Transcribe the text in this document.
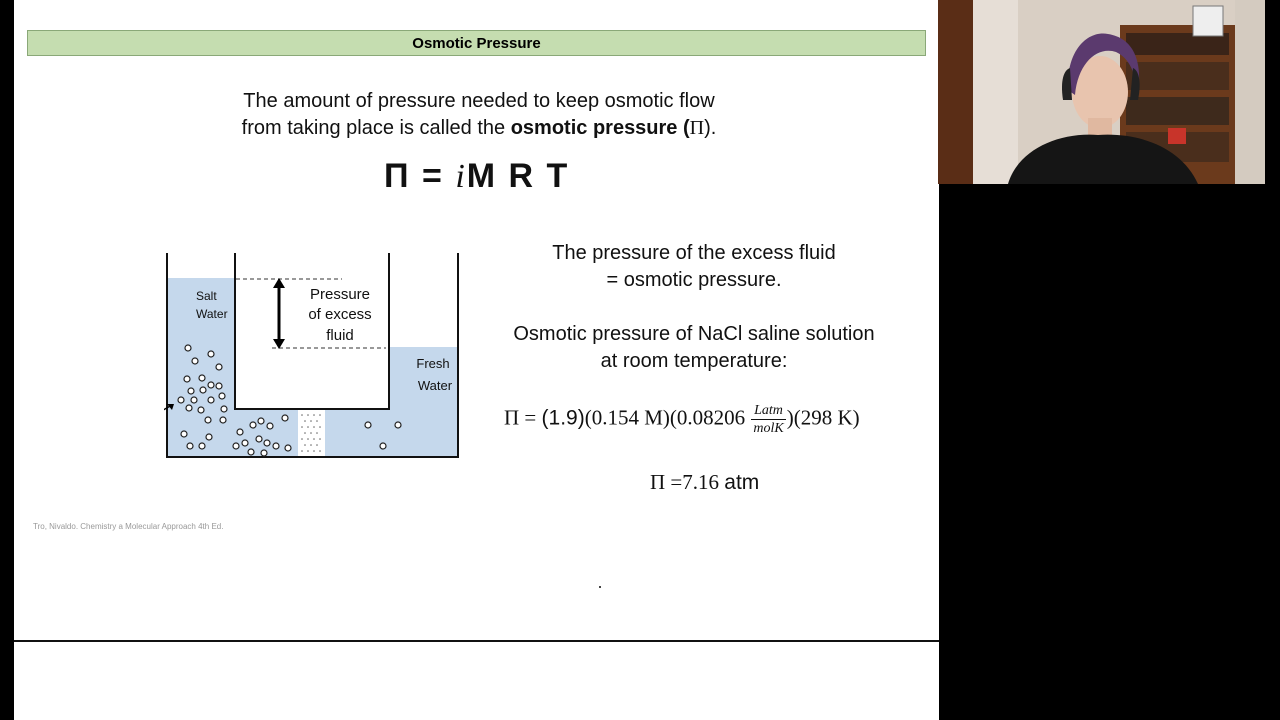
Osmotic Pressure
The amount of pressure needed to keep osmotic flow
from taking place is called the osmotic pressure (Π).
Π = iM R T
Salt
Water
Pressure
of excess
fluid
Fresh
Water
The pressure of the excess fluid
= osmotic pressure.
Osmotic pressure of NaCl saline solution
at room temperature:
Π = (1.9)(0.154 $M)(0.08206 \frac{\text{Latm}}{\text{molK}} )(298$ K)
Π =7.16 atm
Tro, Nivaldo. Chemistry a Molecular Approach 4th Ed.
